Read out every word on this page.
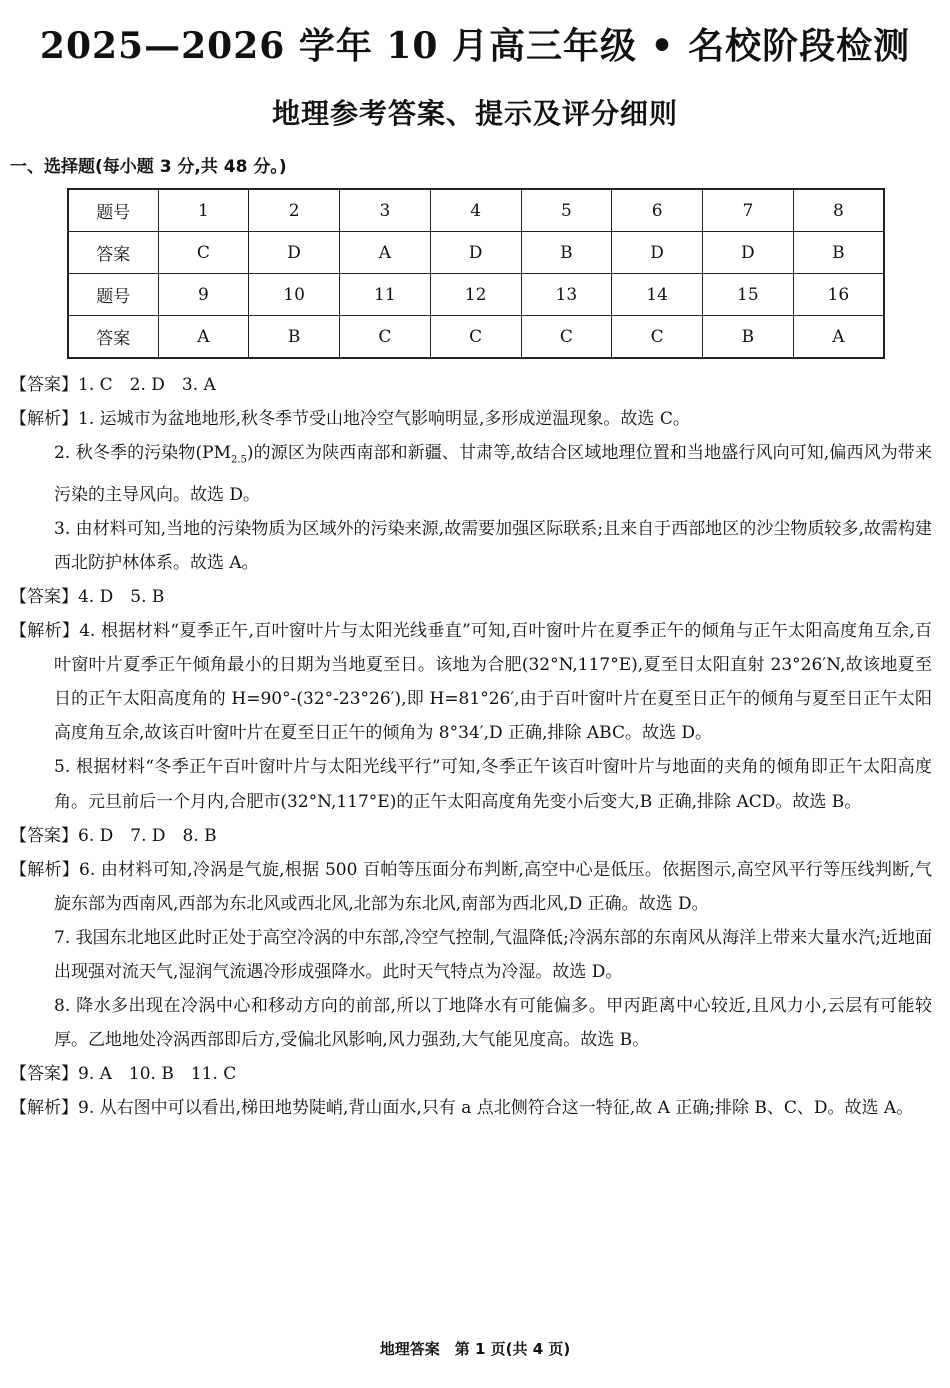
2025—2026 学年 10 月高三年级 • 名校阶段检测
地理参考答案、提示及评分细则
一、选择题(每小题 3 分,共 48 分。)
题号	1	2	3	4	5	6	7	8
答案	C	D	A	D	B	D	D	B
题号	9	10	11	12	13	14	15	16
答案	A	B	C	C	C	C	B	A

【答案】1. C　2. D　3. A

【解析】1. 运城市为盆地地形,秋冬季节受山地冷空气影响明显,多形成逆温现象。故选 C。

2. 秋冬季的污染物$(PM_{2.5})$的源区为陕西南部和新疆、甘肃等,故结合区域地理位置和当地盛行风向可知,偏西风为带来污染的主导风向。故选 D。

3. 由材料可知,当地的污染物质为区域外的污染来源,故需要加强区际联系;且来自于西部地区的沙尘物质较多,故需构建西北防护林体系。故选 A。

【答案】4. D　5. B

【解析】4. 根据材料“夏季正午,百叶窗叶片与太阳光线垂直”可知,百叶窗叶片在夏季正午的倾角与正午太阳高度角互余,百叶窗叶片夏季正午倾角最小的日期为当地夏至日。该地为合肥(32°N,117°E),夏至日太阳直射 23°26′N,故该地夏至日的正午太阳高度角的 H=90°-(32°-23°26′),即 H=81°26′,由于百叶窗叶片在夏至日正午的倾角与夏至日正午太阳高度角互余,故该百叶窗叶片在夏至日正午的倾角为 8°34′,D 正确,排除 ABC。故选 D。

5. 根据材料“冬季正午百叶窗叶片与太阳光线平行”可知,冬季正午该百叶窗叶片与地面的夹角的倾角即正午太阳高度角。元旦前后一个月内,合肥市(32°N,117°E)的正午太阳高度角先变小后变大,B 正确,排除 ACD。故选 B。

【答案】6. D　7. D　8. B

【解析】6. 由材料可知,冷涡是气旋,根据 500 百帕等压面分布判断,高空中心是低压。依据图示,高空风平行等压线判断,气旋东部为西南风,西部为东北风或西北风,北部为东北风,南部为西北风,D 正确。故选 D。

7. 我国东北地区此时正处于高空冷涡的中东部,冷空气控制,气温降低;冷涡东部的东南风从海洋上带来大量水汽;近地面出现强对流天气,湿润气流遇冷形成强降水。此时天气特点为冷湿。故选 D。

8. 降水多出现在冷涡中心和移动方向的前部,所以丁地降水有可能偏多。甲丙距离中心较近,且风力小,云层有可能较厚。乙地地处冷涡西部即后方,受偏北风影响,风力强劲,大气能见度高。故选 B。

【答案】9. A　10. B　11. C

【解析】9. 从右图中可以看出,梯田地势陡峭,背山面水,只有 a 点北侧符合这一特征,故 A 正确;排除 B、C、D。故选 A。

地理答案　第 1 页(共 4 页)
